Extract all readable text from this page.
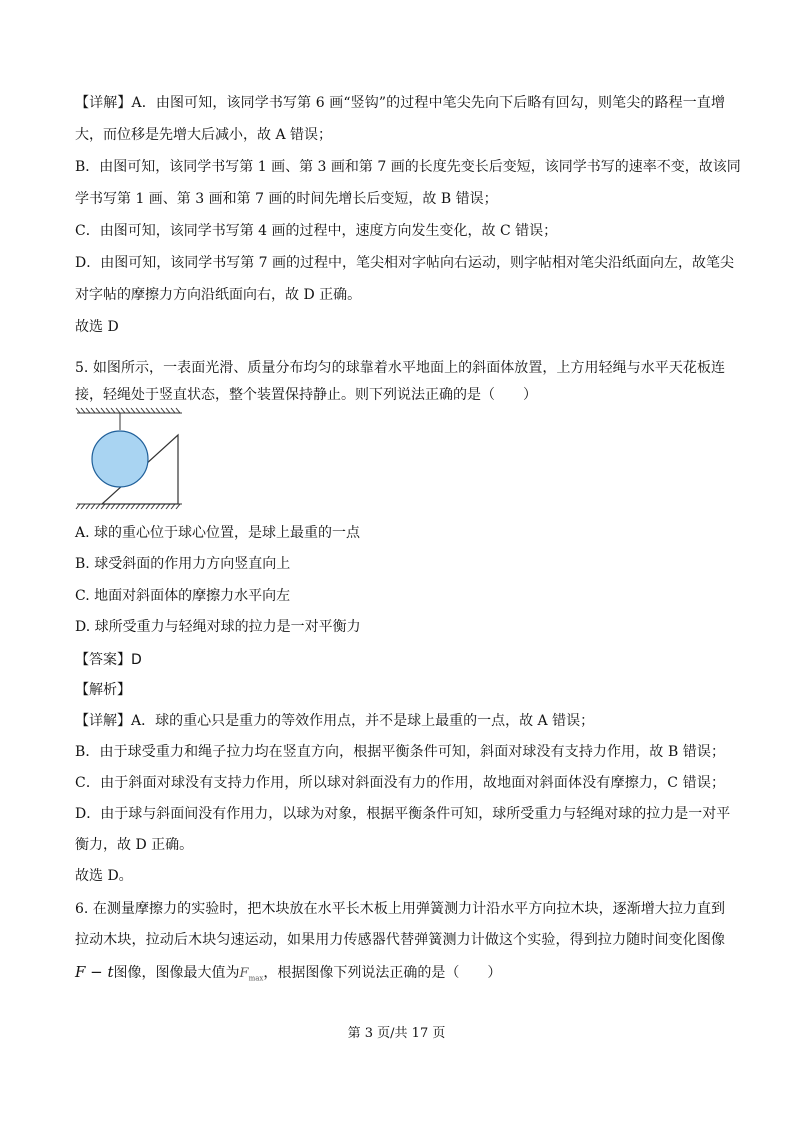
【详解】A．由图可知，该同学书写第 6 画“竖钩”的过程中笔尖先向下后略有回勾，则笔尖的路程一直增
大，而位移是先增大后减小，故 A 错误；
B．由图可知，该同学书写第 1 画、第 3 画和第 7 画的长度先变长后变短，该同学书写的速率不变，故该同
学书写第 1 画、第 3 画和第 7 画的时间先增长后变短，故 B 错误；
C．由图可知，该同学书写第 4 画的过程中，速度方向发生变化，故 C 错误；
D．由图可知，该同学书写第 7 画的过程中，笔尖相对字帖向右运动，则字帖相对笔尖沿纸面向左，故笔尖
对字帖的摩擦力方向沿纸面向右，故 D 正确。
故选 D
5. 如图所示，一表面光滑、质量分布均匀的球靠着水平地面上的斜面体放置，上方用轻绳与水平天花板连
接，轻绳处于竖直状态，整个装置保持静止。则下列说法正确的是（　　）
A. 球的重心位于球心位置，是球上最重的一点
B. 球受斜面的作用力方向竖直向上
C. 地面对斜面体的摩擦力水平向左
D. 球所受重力与轻绳对球的拉力是一对平衡力
【答案】D
【解析】
【详解】A．球的重心只是重力的等效作用点，并不是球上最重的一点，故 A 错误；
B．由于球受重力和绳子拉力均在竖直方向，根据平衡条件可知，斜面对球没有支持力作用，故 B 错误；
C．由于斜面对球没有支持力作用，所以球对斜面没有力的作用，故地面对斜面体没有摩擦力，C 错误；
D．由于球与斜面间没有作用力，以球为对象，根据平衡条件可知，球所受重力与轻绳对球的拉力是一对平
衡力，故 D 正确。
故选 D。
6. 在测量摩擦力的实验时，把木块放在水平长木板上用弹簧测力计沿水平方向拉木块，逐渐增大拉力直到
拉动木块，拉动后木块匀速运动，如果用力传感器代替弹簧测力计做这个实验，得到拉力随时间变化图像
F − t图像，图像最大值为$F_{max}$，根据图像下列说法正确的是（　　）
第 3 页/共 17 页
